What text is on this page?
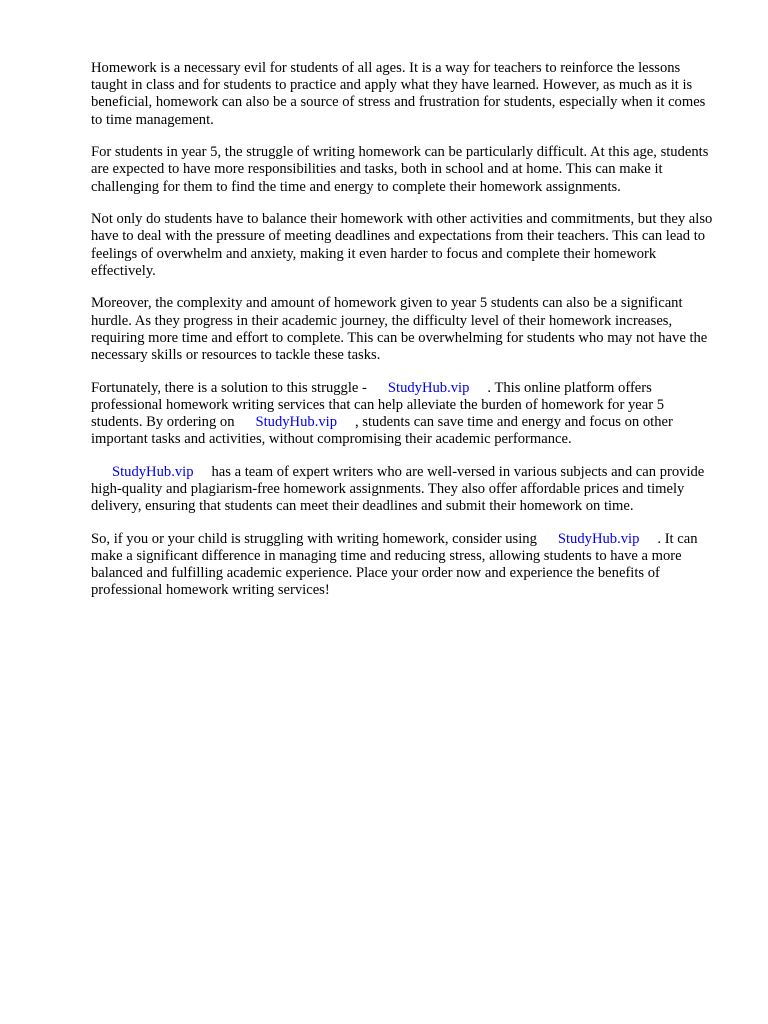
Homework is a necessary evil for students of all ages. It is a way for teachers to reinforce the lessons taught in class and for students to practice and apply what they have learned. However, as much as it is beneficial, homework can also be a source of stress and frustration for students, especially when it comes to time management.

For students in year 5, the struggle of writing homework can be particularly difficult. At this age, students are expected to have more responsibilities and tasks, both in school and at home. This can make it challenging for them to find the time and energy to complete their homework assignments.

Not only do students have to balance their homework with other activities and commitments, but they also have to deal with the pressure of meeting deadlines and expectations from their teachers. This can lead to feelings of overwhelm and anxiety, making it even harder to focus and complete their homework effectively.

Moreover, the complexity and amount of homework given to year 5 students can also be a significant hurdle. As they progress in their academic journey, the difficulty level of their homework increases, requiring more time and effort to complete. This can be overwhelming for students who may not have the necessary skills or resources to tackle these tasks.

Fortunately, there is a solution to this struggle - StudyHub.vip . This online platform offers professional homework writing services that can help alleviate the burden of homework for year 5 students. By ordering on StudyHub.vip , students can save time and energy and focus on other important tasks and activities, without compromising their academic performance.

StudyHub.vip has a team of expert writers who are well-versed in various subjects and can provide high-quality and plagiarism-free homework assignments. They also offer affordable prices and timely delivery, ensuring that students can meet their deadlines and submit their homework on time.

So, if you or your child is struggling with writing homework, consider using StudyHub.vip . It can make a significant difference in managing time and reducing stress, allowing students to have a more balanced and fulfilling academic experience. Place your order now and experience the benefits of professional homework writing services!
